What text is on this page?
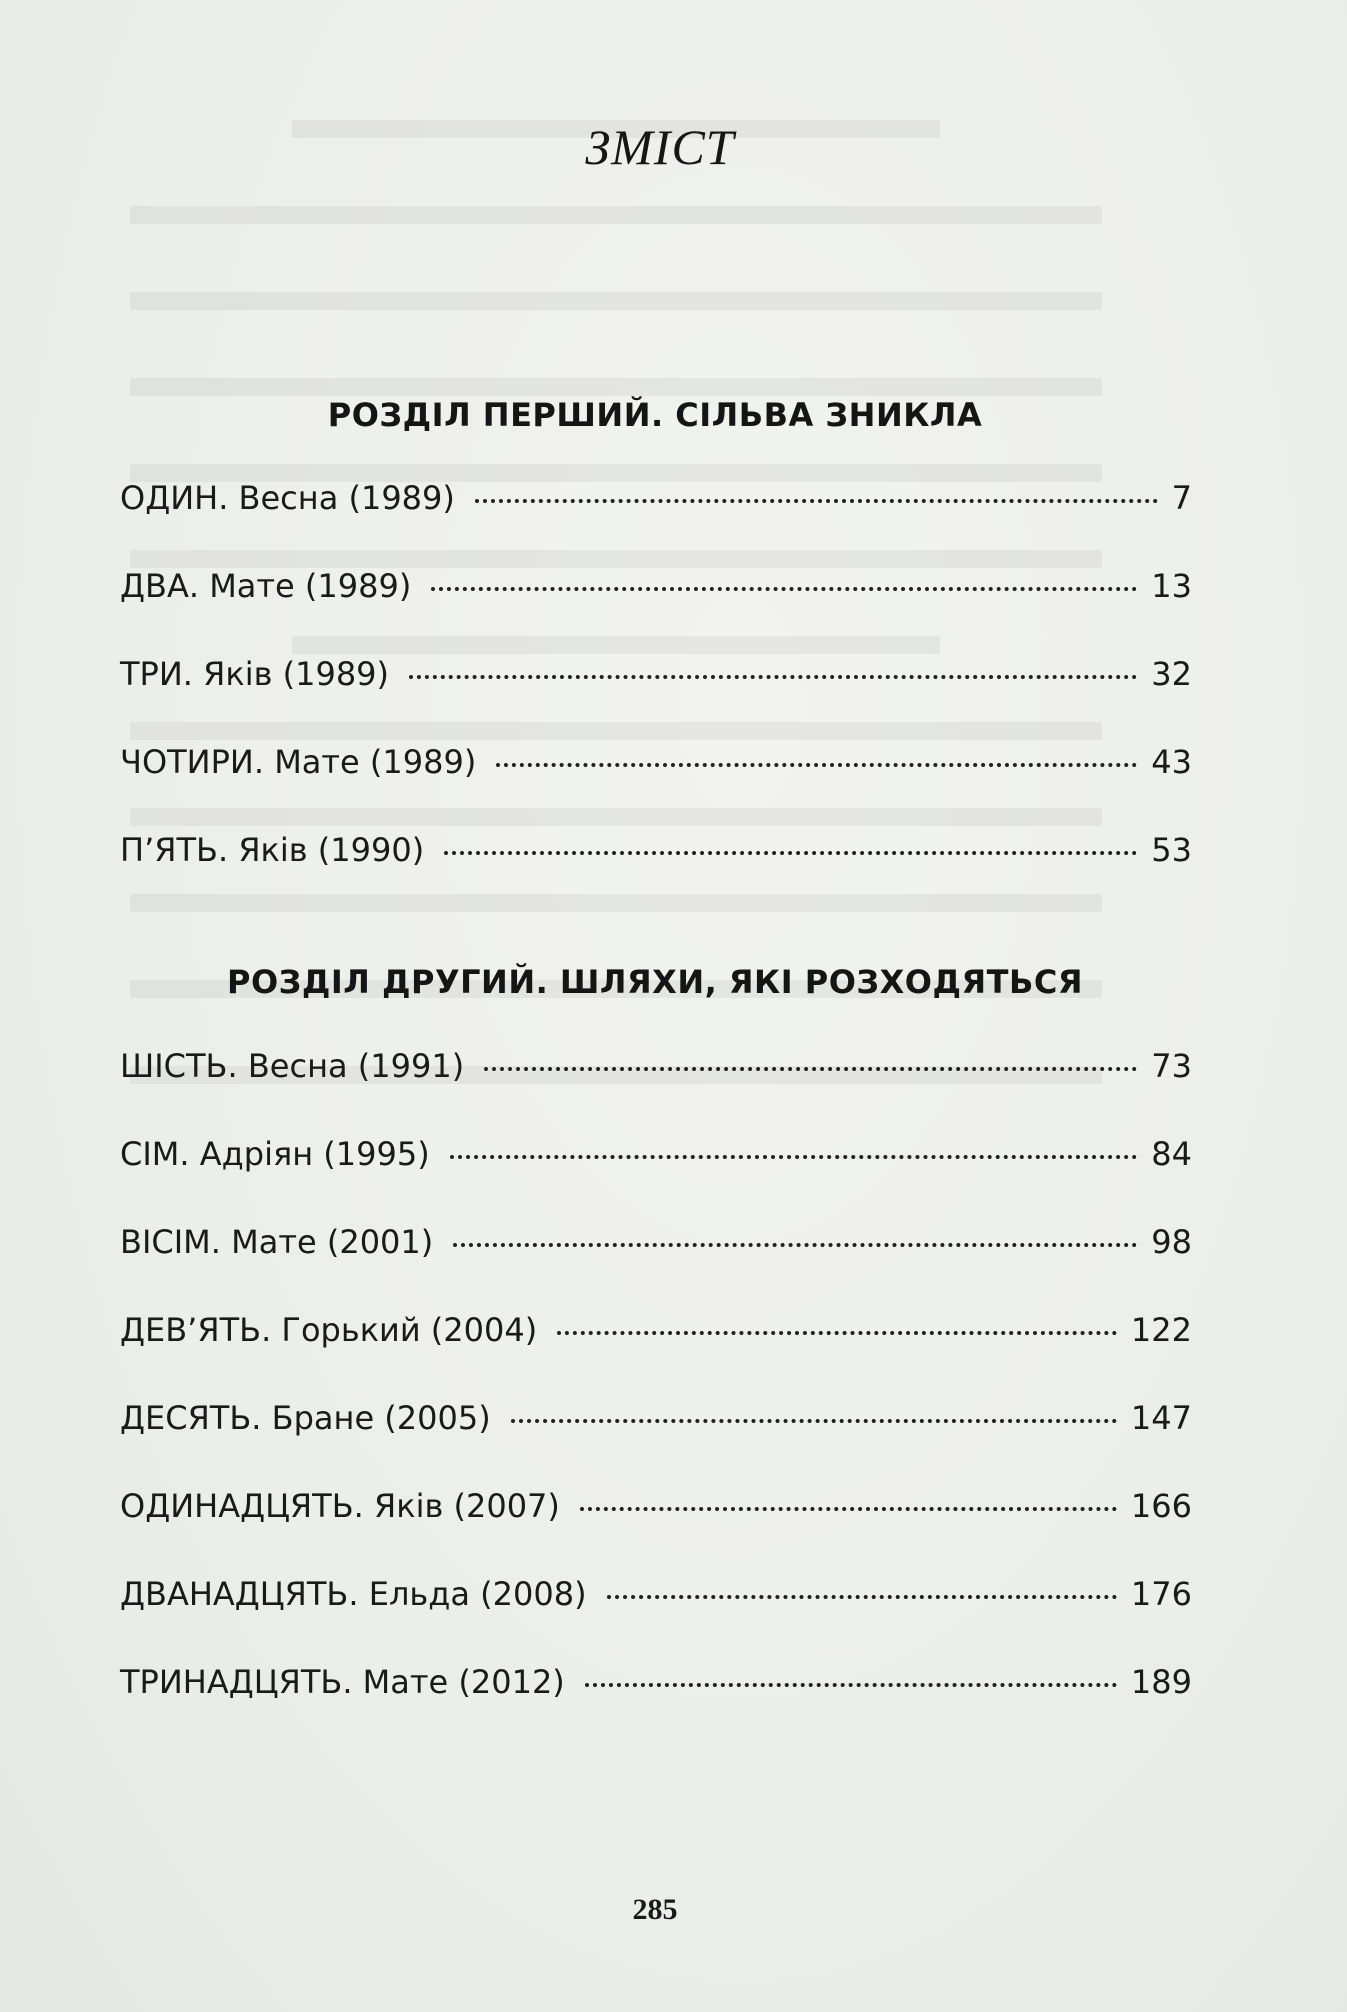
ЗМІСТ
РОЗДІЛ ПЕРШИЙ. СІЛЬВА ЗНИКЛА
ОДИН. Весна (1989)	7
ДВА. Мате (1989)	13
ТРИ. Яків (1989)	32
ЧОТИРИ. Мате (1989)	43
П’ЯТЬ. Яків (1990)	53
РОЗДІЛ ДРУГИЙ. ШЛЯХИ, ЯКІ РОЗХОДЯТЬСЯ
ШІСТЬ. Весна (1991)	73
СІМ. Адріян (1995)	84
ВІСІМ. Мате (2001)	98
ДЕВ’ЯТЬ. Горький (2004)	122
ДЕСЯТЬ. Бране (2005)	147
ОДИНАДЦЯТЬ. Яків (2007)	166
ДВАНАДЦЯТЬ. Ельда (2008)	176
ТРИНАДЦЯТЬ. Мате (2012)	189
285
